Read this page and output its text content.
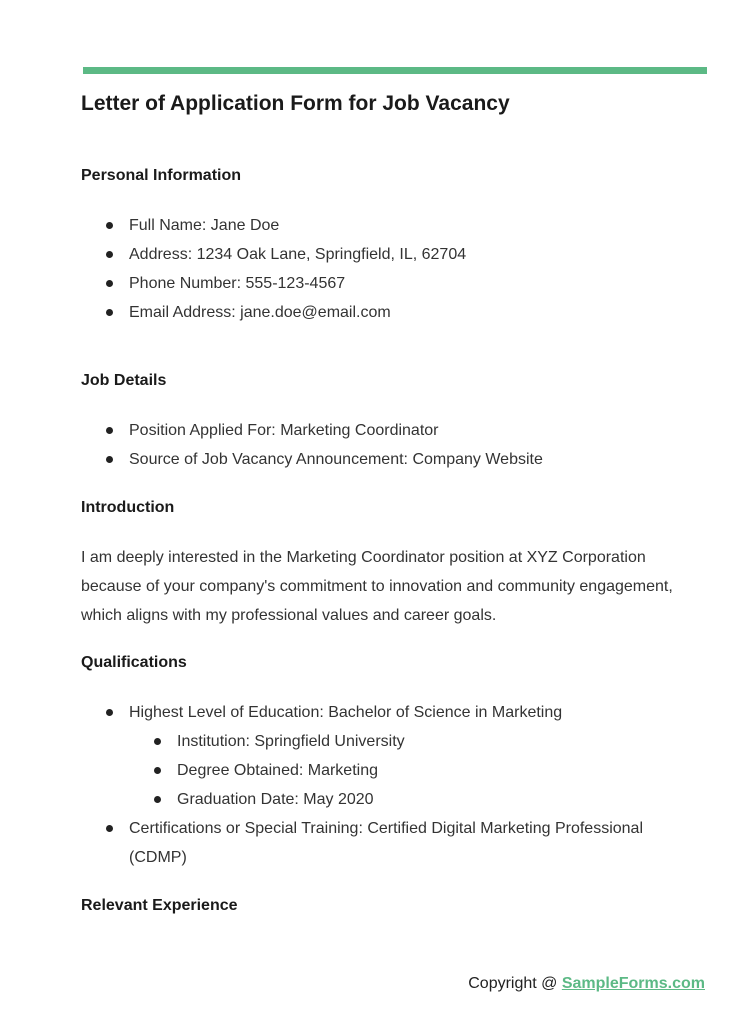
Letter of Application Form for Job Vacancy
Personal Information
Full Name: Jane Doe
Address: 1234 Oak Lane, Springfield, IL, 62704
Phone Number: 555-123-4567
Email Address: jane.doe@email.com
Job Details
Position Applied For: Marketing Coordinator
Source of Job Vacancy Announcement: Company Website
Introduction

I am deeply interested in the Marketing Coordinator position at XYZ Corporation because of your company's commitment to innovation and community engagement, which aligns with my professional values and career goals.

Qualifications
Highest Level of Education: Bachelor of Science in Marketing
Institution: Springfield University
Degree Obtained: Marketing
Graduation Date: May 2020
Certifications or Special Training: Certified Digital Marketing Professional (CDMP)
Relevant Experience
Copyright @ SampleForms.com
